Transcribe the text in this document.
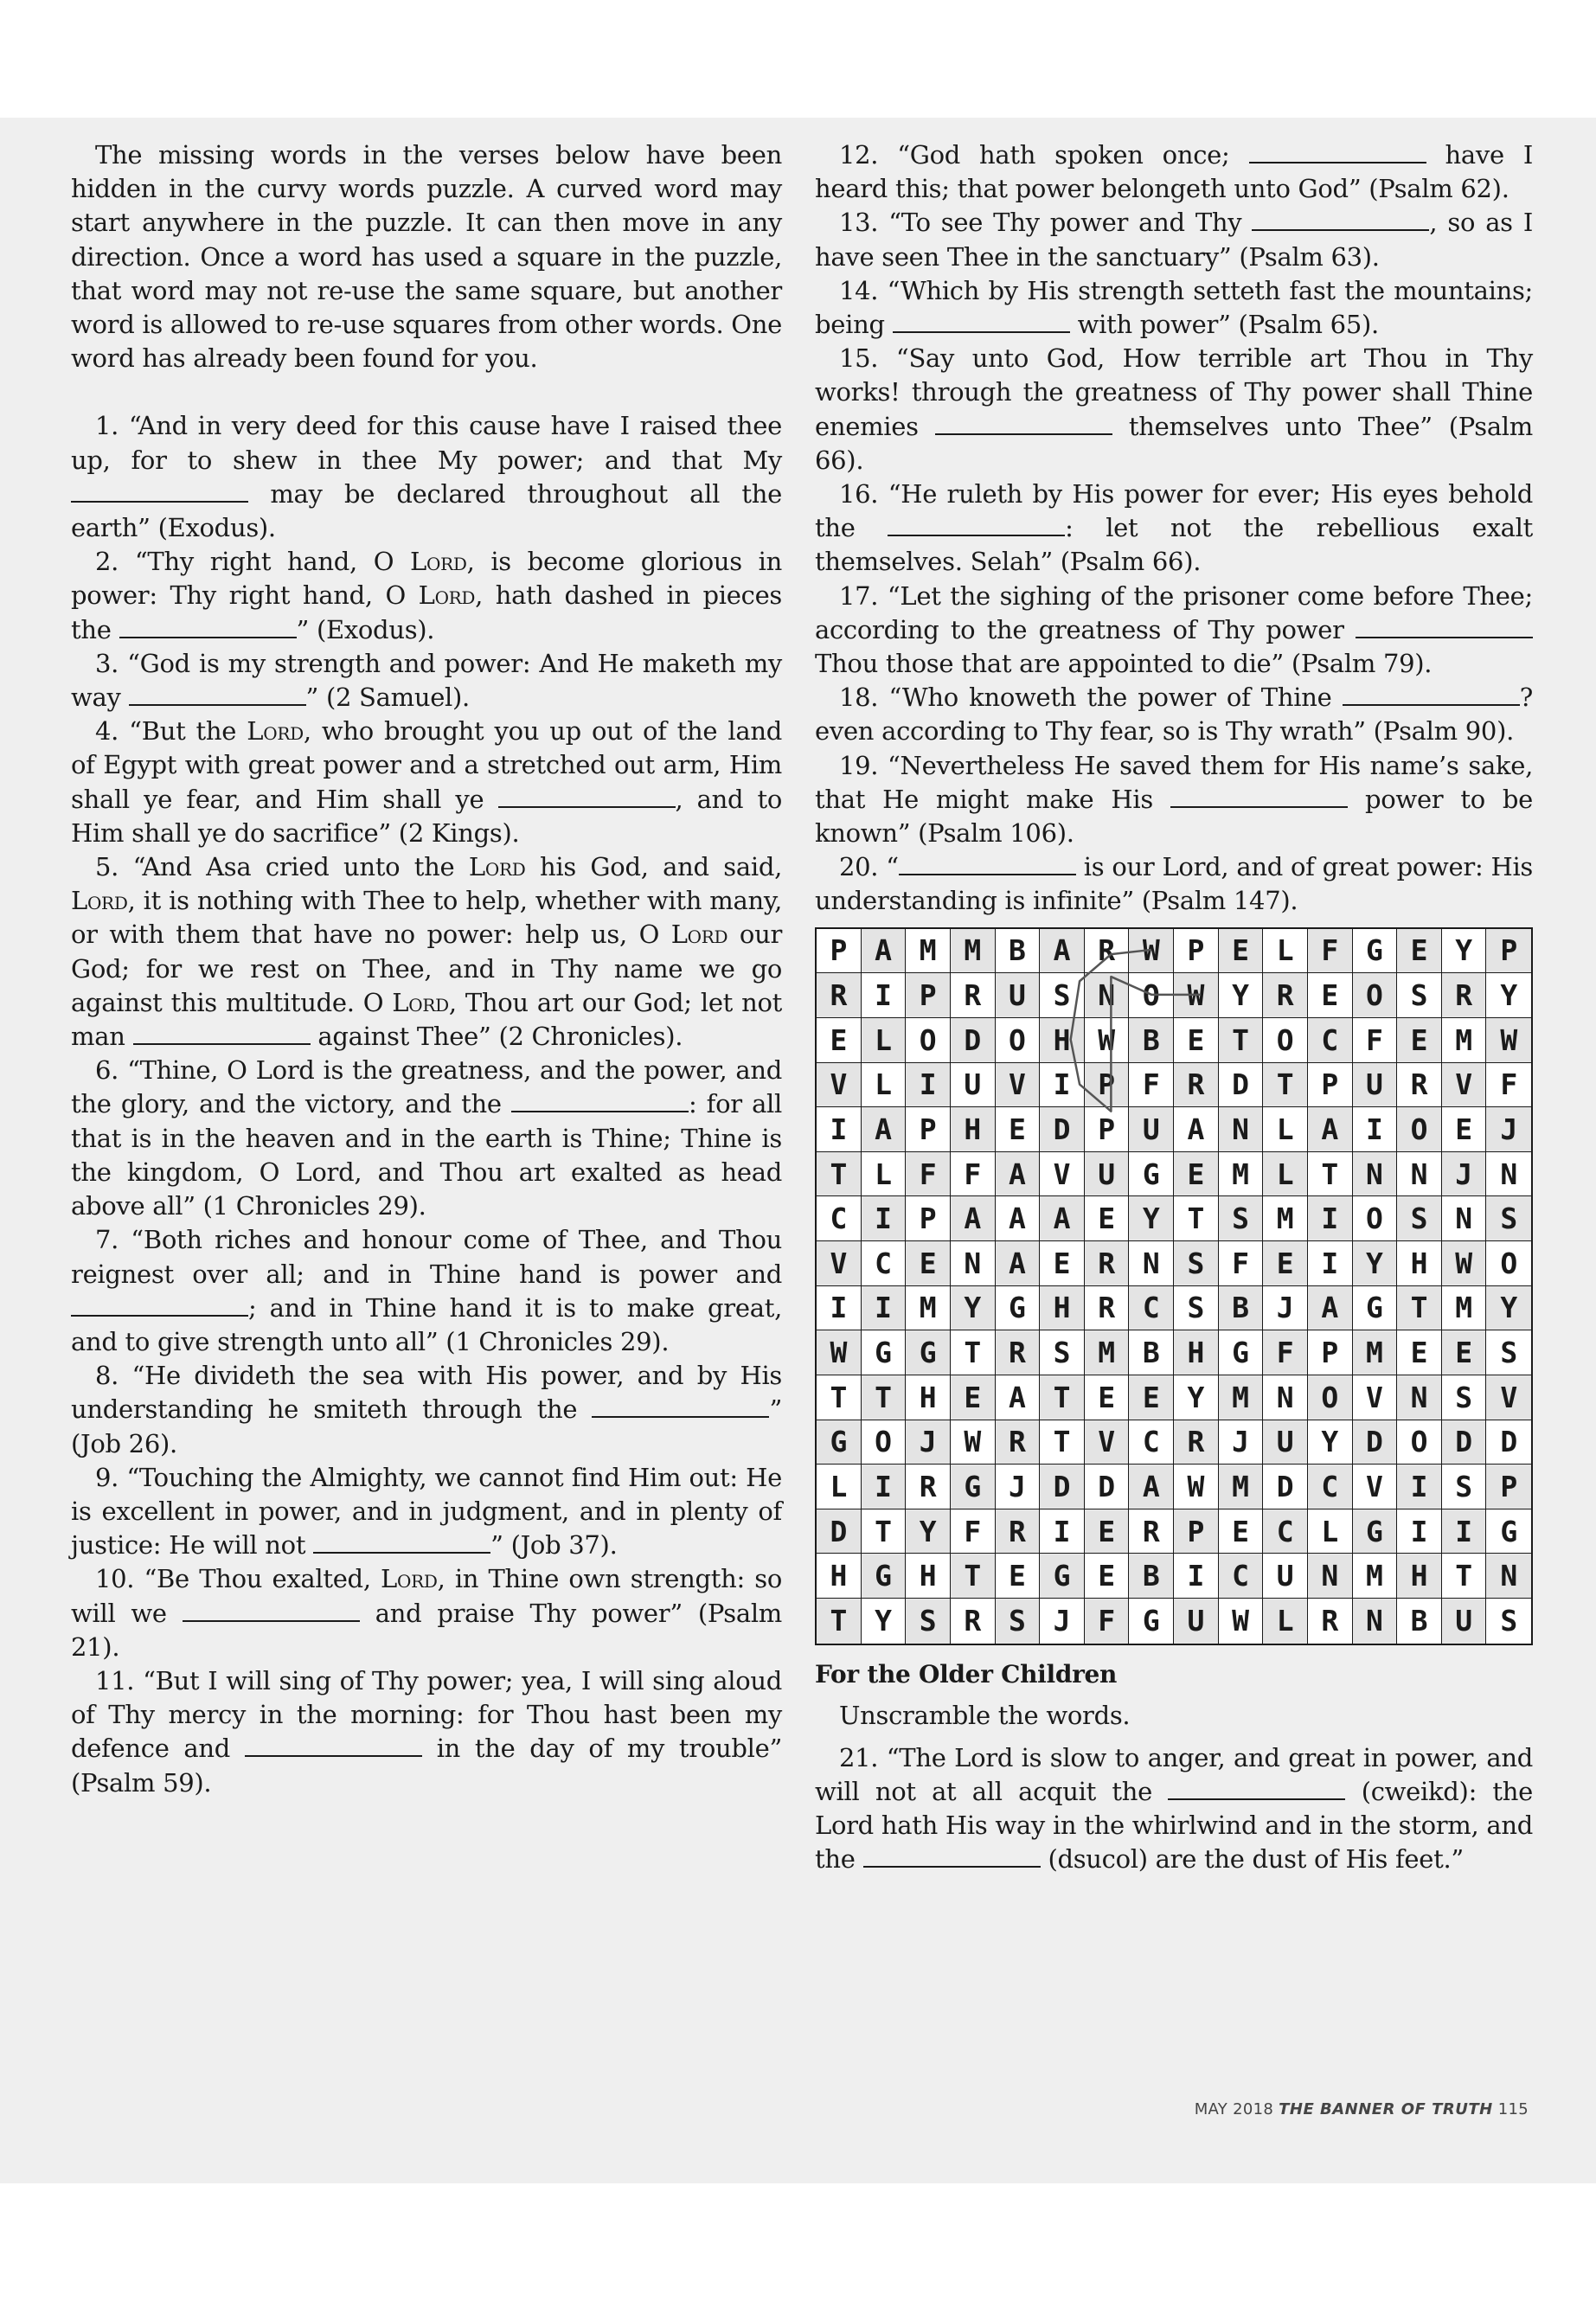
The missing words in the verses below have been hidden in the curvy words puzzle. A curved word may start anywhere in the puzzle. It can then move in any direction. Once a word has used a square in the puzzle, that word may not re-use the same square, but another word is allowed to re-use squares from other words. One word has already been found for you.

1. “And in very deed for this cause have I raised thee up, for to shew in thee My power; and that My  may be declared throughout all the earth” (Exodus).

2. “Thy right hand, O Lord, is become glorious in power: Thy right hand, O Lord, hath dashed in pieces the	” (Exodus).

3. “God is my strength and power: And He maketh my way	” (2 Samuel).

4. “But the Lord, who brought you up out of the land of Egypt with great power and a stretched out arm, Him shall ye fear, and Him shall ye	, and to Him shall ye do sacrifice” (2 Kings).

5. “And Asa cried unto the Lord his God, and said, Lord, it is nothing with Thee to help, whether with many, or with them that have no power: help us, O Lord our God; for we rest on Thee, and in Thy name we go against this multitude. O Lord, Thou art our God; let not man	against Thee” (2 Chronicles).

6. “Thine, O Lord is the greatness, and the power, and the glory, and the victory, and the	: for all that is in the heaven and in the earth is Thine; Thine is the kingdom, O Lord, and Thou art exalted as head above all” (1 Chronicles 29).

7. “Both riches and honour come of Thee, and Thou reignest over all; and in Thine hand is power and ; and in Thine hand it is to make great, and to give strength unto all” (1 Chronicles 29).

8. “He divideth the sea with His power, and by His understanding he smiteth through the	” (Job 26).

9. “Touching the Almighty, we cannot find Him out: He is excellent in power, and in judgment, and in plenty of justice: He will not	” (Job 37).

10. “Be Thou exalted, Lord, in Thine own strength: so will we	and praise Thy power” (Psalm 21).

11. “But I will sing of Thy power; yea, I will sing aloud of Thy mercy in the morning: for Thou hast been my defence and	in the day of my trouble” (Psalm 59).

12. “God hath spoken once;	have I heard this; that power belongeth unto God” (Psalm 62).

13. “To see Thy power and Thy	, so as I have seen Thee in the sanctuary” (Psalm 63).

14. “Which by His strength setteth fast the mountains; being	with power” (Psalm 65).

15. “Say unto God, How terrible art Thou in Thy works! through the greatness of Thy power shall Thine enemies	themselves unto Thee” (Psalm 66).

16. “He ruleth by His power for ever; His eyes behold the	: let not the rebellious exalt themselves. Selah” (Psalm 66).

17. “Let the sighing of the prisoner come before Thee; according to the greatness of Thy power  Thou those that are appointed to die” (Psalm 79).

18. “Who knoweth the power of Thine	? even according to Thy fear, so is Thy wrath” (Psalm 90).

19. “Nevertheless He saved them for His name’s sake, that He might make His	power to be known” (Psalm 106).

20. “	is our Lord, and of great power: His understanding is infinite” (Psalm 147).

P A M M B A R W P E L F G E Y P
R I P R U S N O W Y R E O S R Y
E L O D O H W B E T O C F E M W
V L I U V I P F R D T P U R V F
I A P H E D P U A N L A I O E J
T L F F A V U G E M L T N N J N
C I P A A A E Y T S M I O S N S
V C E N A E R N S F E I Y H W O
I I M Y G H R C S B J A G T M Y
W G G T R S M B H G F P M E E S
T T H E A T E E Y M N O V N S V
G O J W R T V C R J U Y D O D D
L I R G J D D A W M D C V I S P
D T Y F R I E R P E C L G I I G
H G H T E G E B I C U N M H T N
T Y S R S J F G U W L R N B U S
For the Older Children

Unscramble the words.

21. “The Lord is slow to anger, and great in power, and will not at all acquit the	(cweikd): the Lord hath His way in the whirlwind and in the storm, and the	(dsucol) are the dust of His feet.”

MAY 2018 THE BANNER OF TRUTH 115
